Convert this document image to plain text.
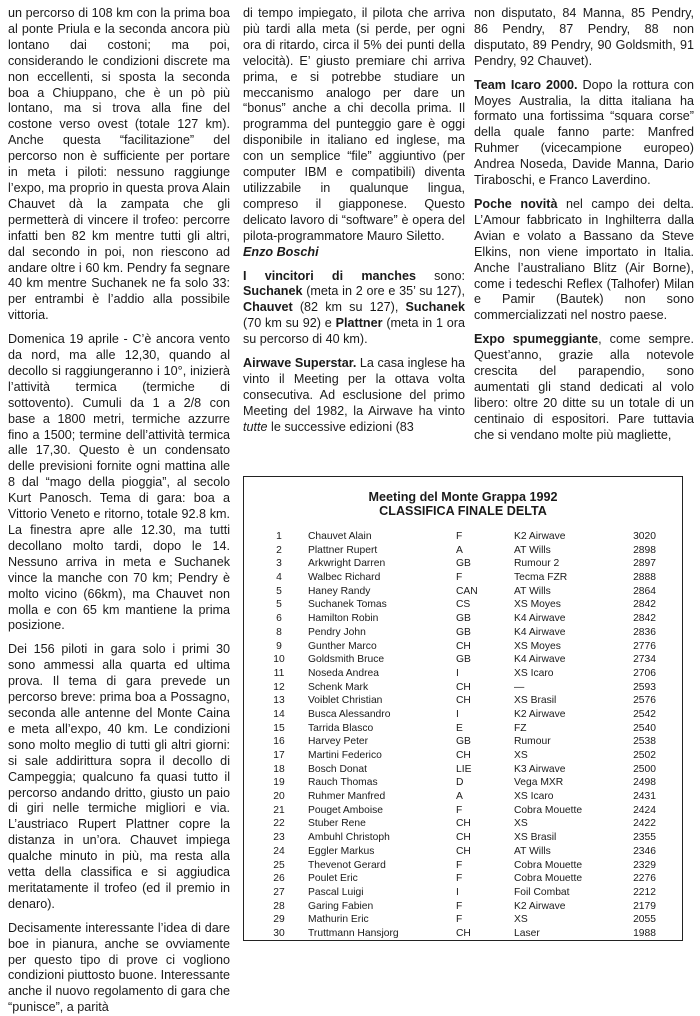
un percorso di 108 km con la prima boa al ponte Priula e la seconda ancora più lontano dai costoni; ma poi, considerando le condizioni discrete ma non eccellenti, si sposta la seconda boa a Chiuppano, che è un pò più lontano, ma si trova alla fine del costone verso ovest (totale 127 km). Anche questa “facilitazione” del percorso non è sufficiente per portare in meta i piloti: nessuno raggiunge l’expo, ma proprio in questa prova Alain Chauvet dà la zampata che gli permetterà di vincere il trofeo: percorre infatti ben 82 km mentre tutti gli altri, dal secondo in poi, non riescono ad andare oltre i 60 km. Pendry fa segnare 40 km mentre Suchanek ne fa solo 33: per entrambi è l’addio alla possibile vittoria.

Domenica 19 aprile - C’è ancora vento da nord, ma alle 12,30, quando al decollo si raggiungeranno i 10°, inizierà l’attività termica (termiche di sottovento). Cumuli da 1 a 2/8 con base a 1800 metri, termiche azzurre fino a 1500; termine dell’attività termica alle 17,30. Questo è un condensato delle previsioni fornite ogni mattina alle 8 dal “mago della pioggia”, al secolo Kurt Panosch. Tema di gara: boa a Vittorio Veneto e ritorno, totale 92.8 km. La finestra apre alle 12.30, ma tutti decollano molto tardi, dopo le 14. Nessuno arriva in meta e Suchanek vince la manche con 70 km; Pendry è molto vicino (66km), ma Chauvet non molla e con 65 km mantiene la prima posizione.

Dei 156 piloti in gara solo i primi 30 sono ammessi alla quarta ed ultima prova. Il tema di gara prevede un percorso breve: prima boa a Possagno, seconda alle antenne del Monte Caina e meta all’expo, 40 km. Le condizioni sono molto meglio di tutti gli altri giorni: si sale addirittura sopra il decollo di Campeggia; qualcuno fa quasi tutto il percorso andando dritto, giusto un paio di giri nelle termiche migliori e via. L’austriaco Rupert Plattner copre la distanza in un’ora. Chauvet impiega qualche minuto in più, ma resta alla vetta della classifica e si aggiudica meritatamente il trofeo (ed il premio in denaro).

Decisamente interessante l’idea di dare boe in pianura, anche se ovviamente per questo tipo di prove ci vogliono condizioni piuttosto buone. Interessante anche il nuovo regolamento di gara che “punisce”, a parità

di tempo impiegato, il pilota che arriva più tardi alla meta (si perde, per ogni ora di ritardo, circa il 5% dei punti della velocità). E’ giusto premiare chi arriva prima, e si potrebbe studiare un meccanismo analogo per dare un “bonus” anche a chi decolla prima. Il programma del punteggio gare è oggi disponibile in italiano ed inglese, ma con un semplice “file” aggiuntivo (per computer IBM e compatibili) diventa utilizzabile in qualunque lingua, compreso il giapponese. Questo delicato lavoro di “software” è opera del pilota-programmatore Mauro Siletto.

Enzo Boschi

I vincitori di manches sono: Suchanek (meta in 2 ore e 35’ su 127), Chauvet (82 km su 127), Suchanek (70 km su 92) e Plattner (meta in 1 ora su percorso di 40 km).

Airwave Superstar. La casa inglese ha vinto il Meeting per la ottava volta consecutiva. Ad esclusione del primo Meeting del 1982, la Airwave ha vinto tutte le successive edizioni (83

non disputato, 84 Manna, 85 Pendry, 86 Pendry, 87 Pendry, 88 non disputato, 89 Pendry, 90 Goldsmith, 91 Pendry, 92 Chauvet).

Team Icaro 2000. Dopo la rottura con Moyes Australia, la ditta italiana ha formato una fortissima “squara corse” della quale fanno parte: Manfred Ruhmer (vicecampione europeo) Andrea Noseda, Davide Manna, Dario Tiraboschi, e Franco Laverdino.

Poche novità nel campo dei delta. L’Amour fabbricato in Inghilterra dalla Avian e volato a Bassano da Steve Elkins, non viene importato in Italia. Anche l’australiano Blitz (Air Borne), come i tedeschi Reflex (Talhofer) Milan e Pamir (Bautek) non sono commercializzati nel nostro paese.

Expo spumeggiante, come sempre. Quest’anno, grazie alla notevole crescita del parapendio, sono aumentati gli stand dedicati al volo libero: oltre 20 ditte su un totale di un centinaio di espositori. Pare tuttavia che si vendano molte più magliette,

Meeting del Monte Grappa 1992
CLASSIFICA FINALE DELTA
1	Chauvet Alain	F	K2 Airwave	3020
2	Plattner Rupert	A	AT Wills	2898
3	Arkwright Darren	GB	Rumour 2	2897
4	Walbec Richard	F	Tecma FZR	2888
5	Haney Randy	CAN	AT Wills	2864
5	Suchanek Tomas	CS	XS Moyes	2842
6	Hamilton Robin	GB	K4 Airwave	2842
8	Pendry John	GB	K4 Airwave	2836
9	Gunther Marco	CH	XS Moyes	2776
10	Goldsmith Bruce	GB	K4 Airwave	2734
11	Noseda Andrea	I	XS Icaro	2706
12	Schenk Mark	CH	—	2593
13	Voiblet Christian	CH	XS Brasil	2576
14	Busca Alessandro	I	K2 Airwave	2542
15	Tarrida Blasco	E	FZ	2540
16	Harvey Peter	GB	Rumour	2538
17	Martini Federico	CH	XS	2502
18	Bosch Donat	LIE	K3 Airwave	2500
19	Rauch Thomas	D	Vega MXR	2498
20	Ruhmer Manfred	A	XS Icaro	2431
21	Pouget Amboise	F	Cobra Mouette	2424
22	Stuber Rene	CH	XS	2422
23	Ambuhl Christoph	CH	XS Brasil	2355
24	Eggler Markus	CH	AT Wills	2346
25	Thevenot Gerard	F	Cobra Mouette	2329
26	Poulet Eric	F	Cobra Mouette	2276
27	Pascal Luigi	I	Foil Combat	2212
28	Garing Fabien	F	K2 Airwave	2179
29	Mathurin Eric	F	XS	2055
30	Truttmann Hansjorg	CH	Laser	1988
